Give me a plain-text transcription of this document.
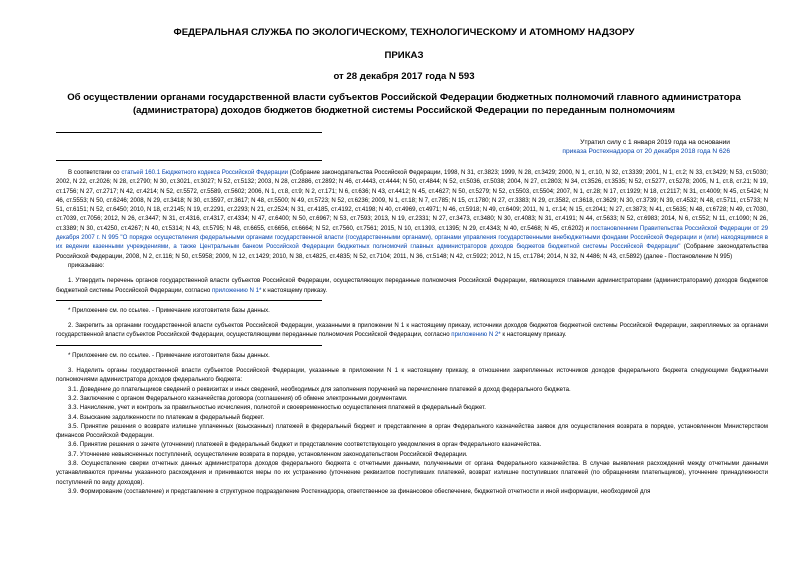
ФЕДЕРАЛЬНАЯ СЛУЖБА ПО ЭКОЛОГИЧЕСКОМУ, ТЕХНОЛОГИЧЕСКОМУ И АТОМНОМУ НАДЗОРУ

ПРИКАЗ

от 28 декабря 2017 года N 593

Об осуществлении органами государственной власти субъектов Российской Федерации бюджетных полномочий главного администратора (администратора) доходов бюджетов бюджетной системы Российской Федерации по переданным полномочиям

Утратил силу с 1 января 2019 года на основании
приказа Ростехнадзора от 20 декабря 2018 года N 626

В соответствии со статьей 160.1 Бюджетного кодекса Российской Федерации (Собрание законодательства Российской Федерации, 1998, N 31, ст.3823; 1999, N 28, ст.3429; 2000, N 1, ст.10, N 32, ст.3339; 2001, N 1, ст.2; N 33, ст.3429; N 53, ст.5030; 2002, N 22, ст.2026; N 28, ст.2790; N 30, ст.3021, ст.3027; N 52, ст.5132; 2003, N 28, ст.2886, ст.2892; N 46, ст.4443, ст.4444; N 50, ст.4844; N 52, ст.5036, ст.5038; 2004, N 27, ст.2803; N 34, ст.3526, ст.3535; N 52, ст.5277, ст.5278; 2005, N 1, ст.8, ст.21; N 19, ст.1756; N 27, ст.2717; N 42, ст.4214; N 52, ст.5572, ст.5589, ст.5602; 2006, N 1, ст.8, ст.9; N 2, ст.171; N 6, ст.636; N 43, ст.4412; N 45, ст.4627; N 50, ст.5279; N 52, ст.5503, ст.5504; 2007, N 1, ст.28; N 17, ст.1929; N 18, ст.2117; N 31, ст.4009; N 45, ст.5424; N 46, ст.5553; N 50, ст.6246; 2008, N 29, ст.3418; N 30, ст.3597, ст.3617; N 48, ст.5500; N 49, ст.5723; N 52, ст.6236; 2009, N 1, ст.18; N 7, ст.785; N 15, ст.1780; N 27, ст.3383; N 29, ст.3582, ст.3618, ст.3629; N 30, ст.3739; N 39, ст.4532; N 48, ст.5711, ст.5733; N 51, ст.6151; N 52, ст.6450; 2010, N 18, ст.2145; N 19, ст.2291, ст.2293; N 21, ст.2524; N 31, ст.4185, ст.4192, ст.4198; N 40, ст.4969, ст.4971; N 46, ст.5918; N 49, ст.6409; 2011, N 1, ст.14; N 15, ст.2041; N 27, ст.3873; N 41, ст.5635; N 48, ст.6728; N 49, ст.7030, ст.7039, ст.7056; 2012, N 26, ст.3447; N 31, ст.4316, ст.4317, ст.4334; N 47, ст.6400; N 50, ст.6967; N 53, ст.7593; 2013, N 19, ст.2331; N 27, ст.3473, ст.3480; N 30, ст.4083; N 31, ст.4191; N 44, ст.5633; N 52, ст.6983; 2014, N 6, ст.552; N 11, ст.1090; N 26, ст.3389; N 30, ст.4250, ст.4267; N 40, ст.5314; N 43, ст.5795; N 48, ст.6655, ст.6656, ст.6664; N 52, ст.7560, ст.7561; 2015, N 10, ст.1393, ст.1395; N 29, ст.4343; N 40, ст.5468; N 45, ст.6202) и постановлением Правительства Российской Федерации от 29 декабря 2007 г. N 995 "О порядке осуществления федеральными органами государственной власти (государственными органами), органами управления государственными внебюджетными фондами Российской Федерации и (или) находящимися в их ведении казенными учреждениями, а также Центральным банком Российской Федерации бюджетных полномочий главных администраторов доходов бюджетов бюджетной системы Российской Федерации" (Собрание законодательства Российской Федерации, 2008, N 2, ст.116; N 50, ст.5958; 2009, N 12, ст.1429; 2010, N 38, ст.4825, ст.4835; N 52, ст.7104; 2011, N 36, ст.5148; N 42, ст.5922; 2012, N 15, ст.1784; 2014, N 32, N 4486; N 43, ст.5892) (далее - Постановление N 995)

приказываю:

1. Утвердить перечень органов государственной власти субъектов Российской Федерации, осуществляющих переданные полномочия Российской Федерации, являющихся главными администраторами (администраторами) доходов бюджетов бюджетной системы Российской Федерации, согласно приложению N 1* к настоящему приказу.

* Приложение см. по ссылке. - Примечание изготовителя базы данных.

2. Закрепить за органами государственной власти субъектов Российской Федерации, указанными в приложении N 1 к настоящему приказу, источники доходов бюджетов бюджетной системы Российской Федерации, закрепляемых за органами государственной власти субъектов Российской Федерации, осуществляющими переданные полномочия Российской Федерации, согласно приложению N 2* к настоящему приказу.

* Приложение см. по ссылке. - Примечание изготовителя базы данных.

3. Наделить органы государственной власти субъектов Российской Федерации, указанные в приложении N 1 к настоящему приказу, в отношении закрепленных источников доходов федерального бюджета следующими бюджетными полномочиями администратора доходов федерального бюджета:

3.1. Доведение до плательщиков сведений о реквизитах и иных сведений, необходимых для заполнения поручений на перечисление платежей в доход федерального бюджета.

3.2. Заключение с органом Федерального казначейства договора (соглашения) об обмене электронными документами.

3.3. Начисление, учет и контроль за правильностью исчисления, полнотой и своевременностью осуществления платежей в федеральный бюджет.

3.4. Взыскание задолженности по платежам в федеральный бюджет.

3.5. Принятие решения о возврате излишне уплаченных (взысканных) платежей в федеральный бюджет и представление в орган Федерального казначейства заявок для осуществления возврата в порядке, установленном Министерством финансов Российской Федерации.

3.6. Принятие решения о зачете (уточнении) платежей в федеральный бюджет и представление соответствующего уведомления в орган Федерального казначейства.

3.7. Уточнение невыясненных поступлений, осуществление возврата в порядке, установленном законодательством Российской Федерации.

3.8. Осуществление сверки отчетных данных администратора доходов федерального бюджета с отчетными данными, полученными от органа Федерального казначейства. В случае выявления расхождений между отчетными данными устанавливаются причины указанного расхождения и принимаются меры по их устранению (уточнение реквизитов поступивших платежей, возврат излишне поступивших платежей (по обращениям плательщиков), уточнение принадлежности поступлений по виду доходов).

3.9. Формирование (составление) и представление в структурное подразделение Ростехнадзора, ответственное за финансовое обеспечение, бюджетной отчетности и иной информации, необходимой для
